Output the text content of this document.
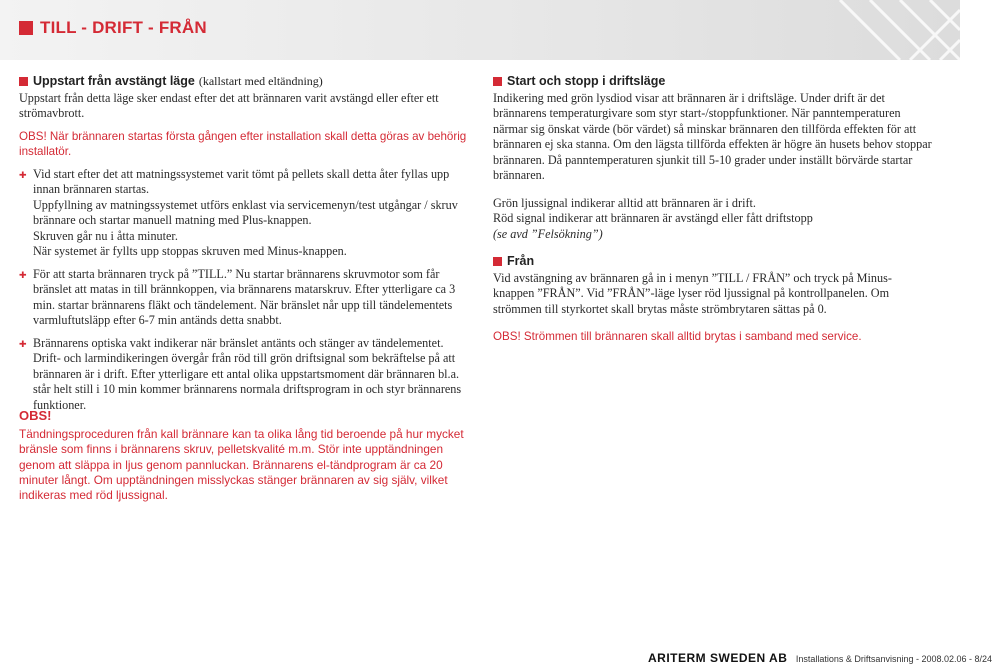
TILL - DRIFT - FRÅN
Uppstart från avstängt läge (kallstart med eltändning)

Uppstart från detta läge sker endast efter det att brännaren varit avstängd eller efter ett strömavbrott.

OBS! När brännaren startas första gången efter installation skall detta göras av behörig installatör.

✚ Vid start efter det att matningssystemet varit tömt på pellets skall detta åter fyllas upp innan brännaren startas.

Uppfyllning av matningssystemet utförs enklast via servicemenyn/test utgångar / skruv brännare och startar manuell matning med Plus-knappen.

Skruven går nu i åtta minuter.

När systemet är fyllts upp stoppas skruven med Minus-knappen.

✚ För att starta brännaren tryck på ”TILL.” Nu startar brännarens skruvmotor som får bränslet att matas in till brännkoppen, via brännarens matarskruv. Efter ytterligare ca 3 min. startar brännarens fläkt och tändelement. När bränslet når upp till tändelementets varmluftutsläpp efter 6-7 min antänds detta snabbt.
✚ Brännarens optiska vakt indikerar när bränslet antänts och stänger av tändelementet. Drift- och larmindikeringen övergår från röd till grön driftsignal som bekräftelse på att brännaren är i drift. Efter ytterligare ett antal olika uppstartsmoment där brännaren bl.a. står helt still i 10 min kommer brännarens normala driftsprogram in och styr brännarens funktioner.
OBS!

Tändningsproceduren från kall brännare kan ta olika lång tid beroende på hur mycket bränsle som finns i brännarens skruv, pelletskvalité m.m. Stör inte upptändningen genom att släppa in ljus genom pannluckan. Brännarens el-tändprogram är ca 20 minuter långt. Om upptändningen misslyckas stänger brännaren av sig själv, vilket indikeras med röd ljussignal.

Start och stopp i driftsläge

Indikering med grön lysdiod visar att brännaren är i driftsläge. Under drift är det brännarens temperaturgivare som styr start-/stoppfunktioner. När panntemperaturen närmar sig önskat värde (bör värdet) så minskar brännaren den tillförda effekten för att brännaren ej ska stanna. Om den lägsta tillförda effekten är högre än husets behov stoppar brännaren. Då panntemperaturen sjunkit till 5-10 grader under inställt börvärde startar brännaren.

Grön ljussignal indikerar alltid att brännaren är i drift.

Röd signal indikerar att brännaren är avstängd eller fått driftstopp

(se avd ”Felsökning”)

Från

Vid avstängning av brännaren gå in i menyn ”TILL / FRÅN” och tryck på Minus-knappen ”FRÅN”. Vid ”FRÅN”-läge lyser röd ljussignal på kontrollpanelen. Om strömmen till styrkortet skall brytas måste strömbrytaren sättas på 0.

OBS! Strömmen till brännaren skall alltid brytas i samband med service.

ARITERM SWEDEN AB Installations & Driftsanvisning - 2008.02.06 - 8/24
